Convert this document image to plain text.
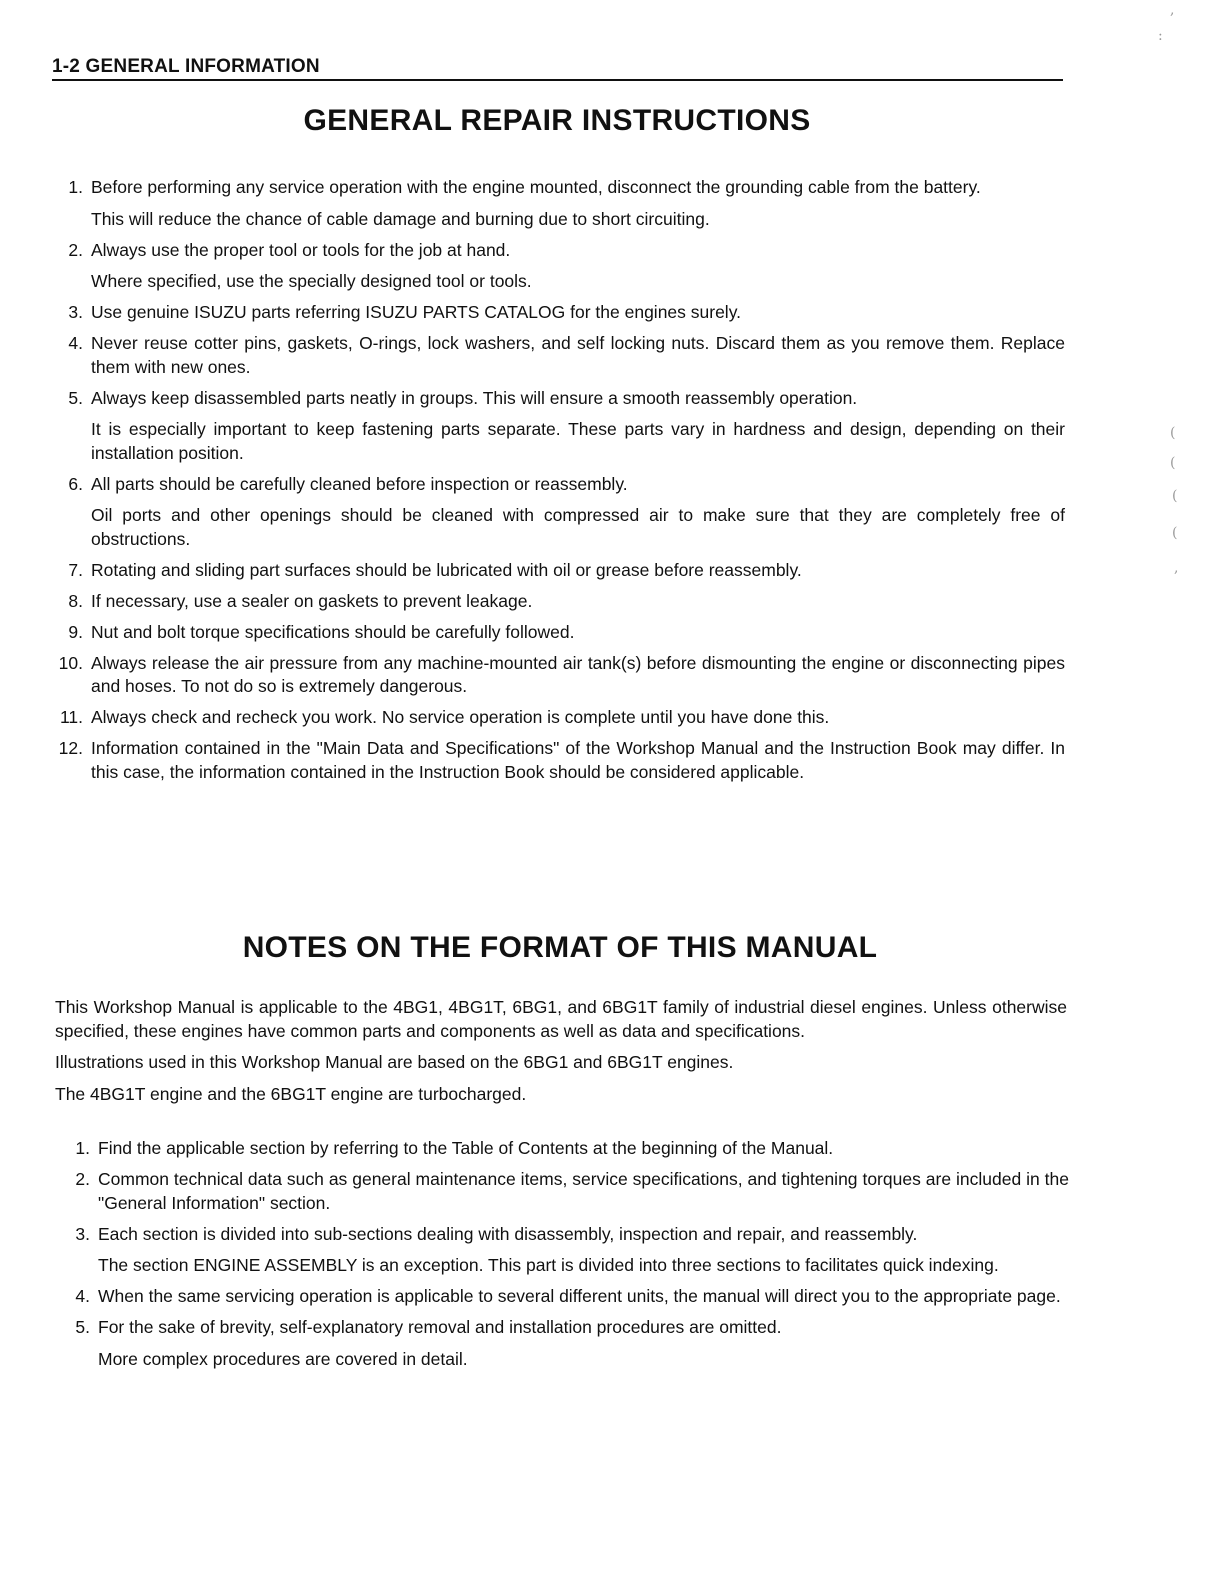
1-2 GENERAL INFORMATION
GENERAL REPAIR INSTRUCTIONS
1. Before performing any service operation with the engine mounted, disconnect the grounding cable from the battery.
This will reduce the chance of cable damage and burning due to short circuiting.
2. Always use the proper tool or tools for the job at hand.
Where specified, use the specially designed tool or tools.
3. Use genuine ISUZU parts referring ISUZU PARTS CATALOG for the engines surely.
4. Never reuse cotter pins, gaskets, O-rings, lock washers, and self locking nuts. Discard them as you remove them. Replace them with new ones.
5. Always keep disassembled parts neatly in groups. This will ensure a smooth reassembly operation.
It is especially important to keep fastening parts separate. These parts vary in hardness and design, depending on their installation position.
6. All parts should be carefully cleaned before inspection or reassembly.
Oil ports and other openings should be cleaned with compressed air to make sure that they are completely free of obstructions.
7. Rotating and sliding part surfaces should be lubricated with oil or grease before reassembly.
8. If necessary, use a sealer on gaskets to prevent leakage.
9. Nut and bolt torque specifications should be carefully followed.
10. Always release the air pressure from any machine-mounted air tank(s) before dismounting the engine or disconnecting pipes and hoses. To not do so is extremely dangerous.
11. Always check and recheck you work. No service operation is complete until you have done this.
12. Information contained in the "Main Data and Specifications" of the Workshop Manual and the Instruction Book may differ. In this case, the information contained in the Instruction Book should be considered applicable.
NOTES ON THE FORMAT OF THIS MANUAL

This Workshop Manual is applicable to the 4BG1, 4BG1T, 6BG1, and 6BG1T family of industrial diesel engines. Unless otherwise specified, these engines have common parts and components as well as data and specifications.

Illustrations used in this Workshop Manual are based on the 6BG1 and 6BG1T engines.

The 4BG1T engine and the 6BG1T engine are turbocharged.

1. Find the applicable section by referring to the Table of Contents at the beginning of the Manual.
2. Common technical data such as general maintenance items, service specifications, and tightening torques are included in the "General Information" section.
3. Each section is divided into sub-sections dealing with disassembly, inspection and repair, and reassembly.
The section ENGINE ASSEMBLY is an exception. This part is divided into three sections to facilitates quick indexing.
4. When the same servicing operation is applicable to several different units, the manual will direct you to the appropriate page.
5. For the sake of brevity, self-explanatory removal and installation procedures are omitted.
More complex procedures are covered in detail.
,
:
(
(
(
(
,
